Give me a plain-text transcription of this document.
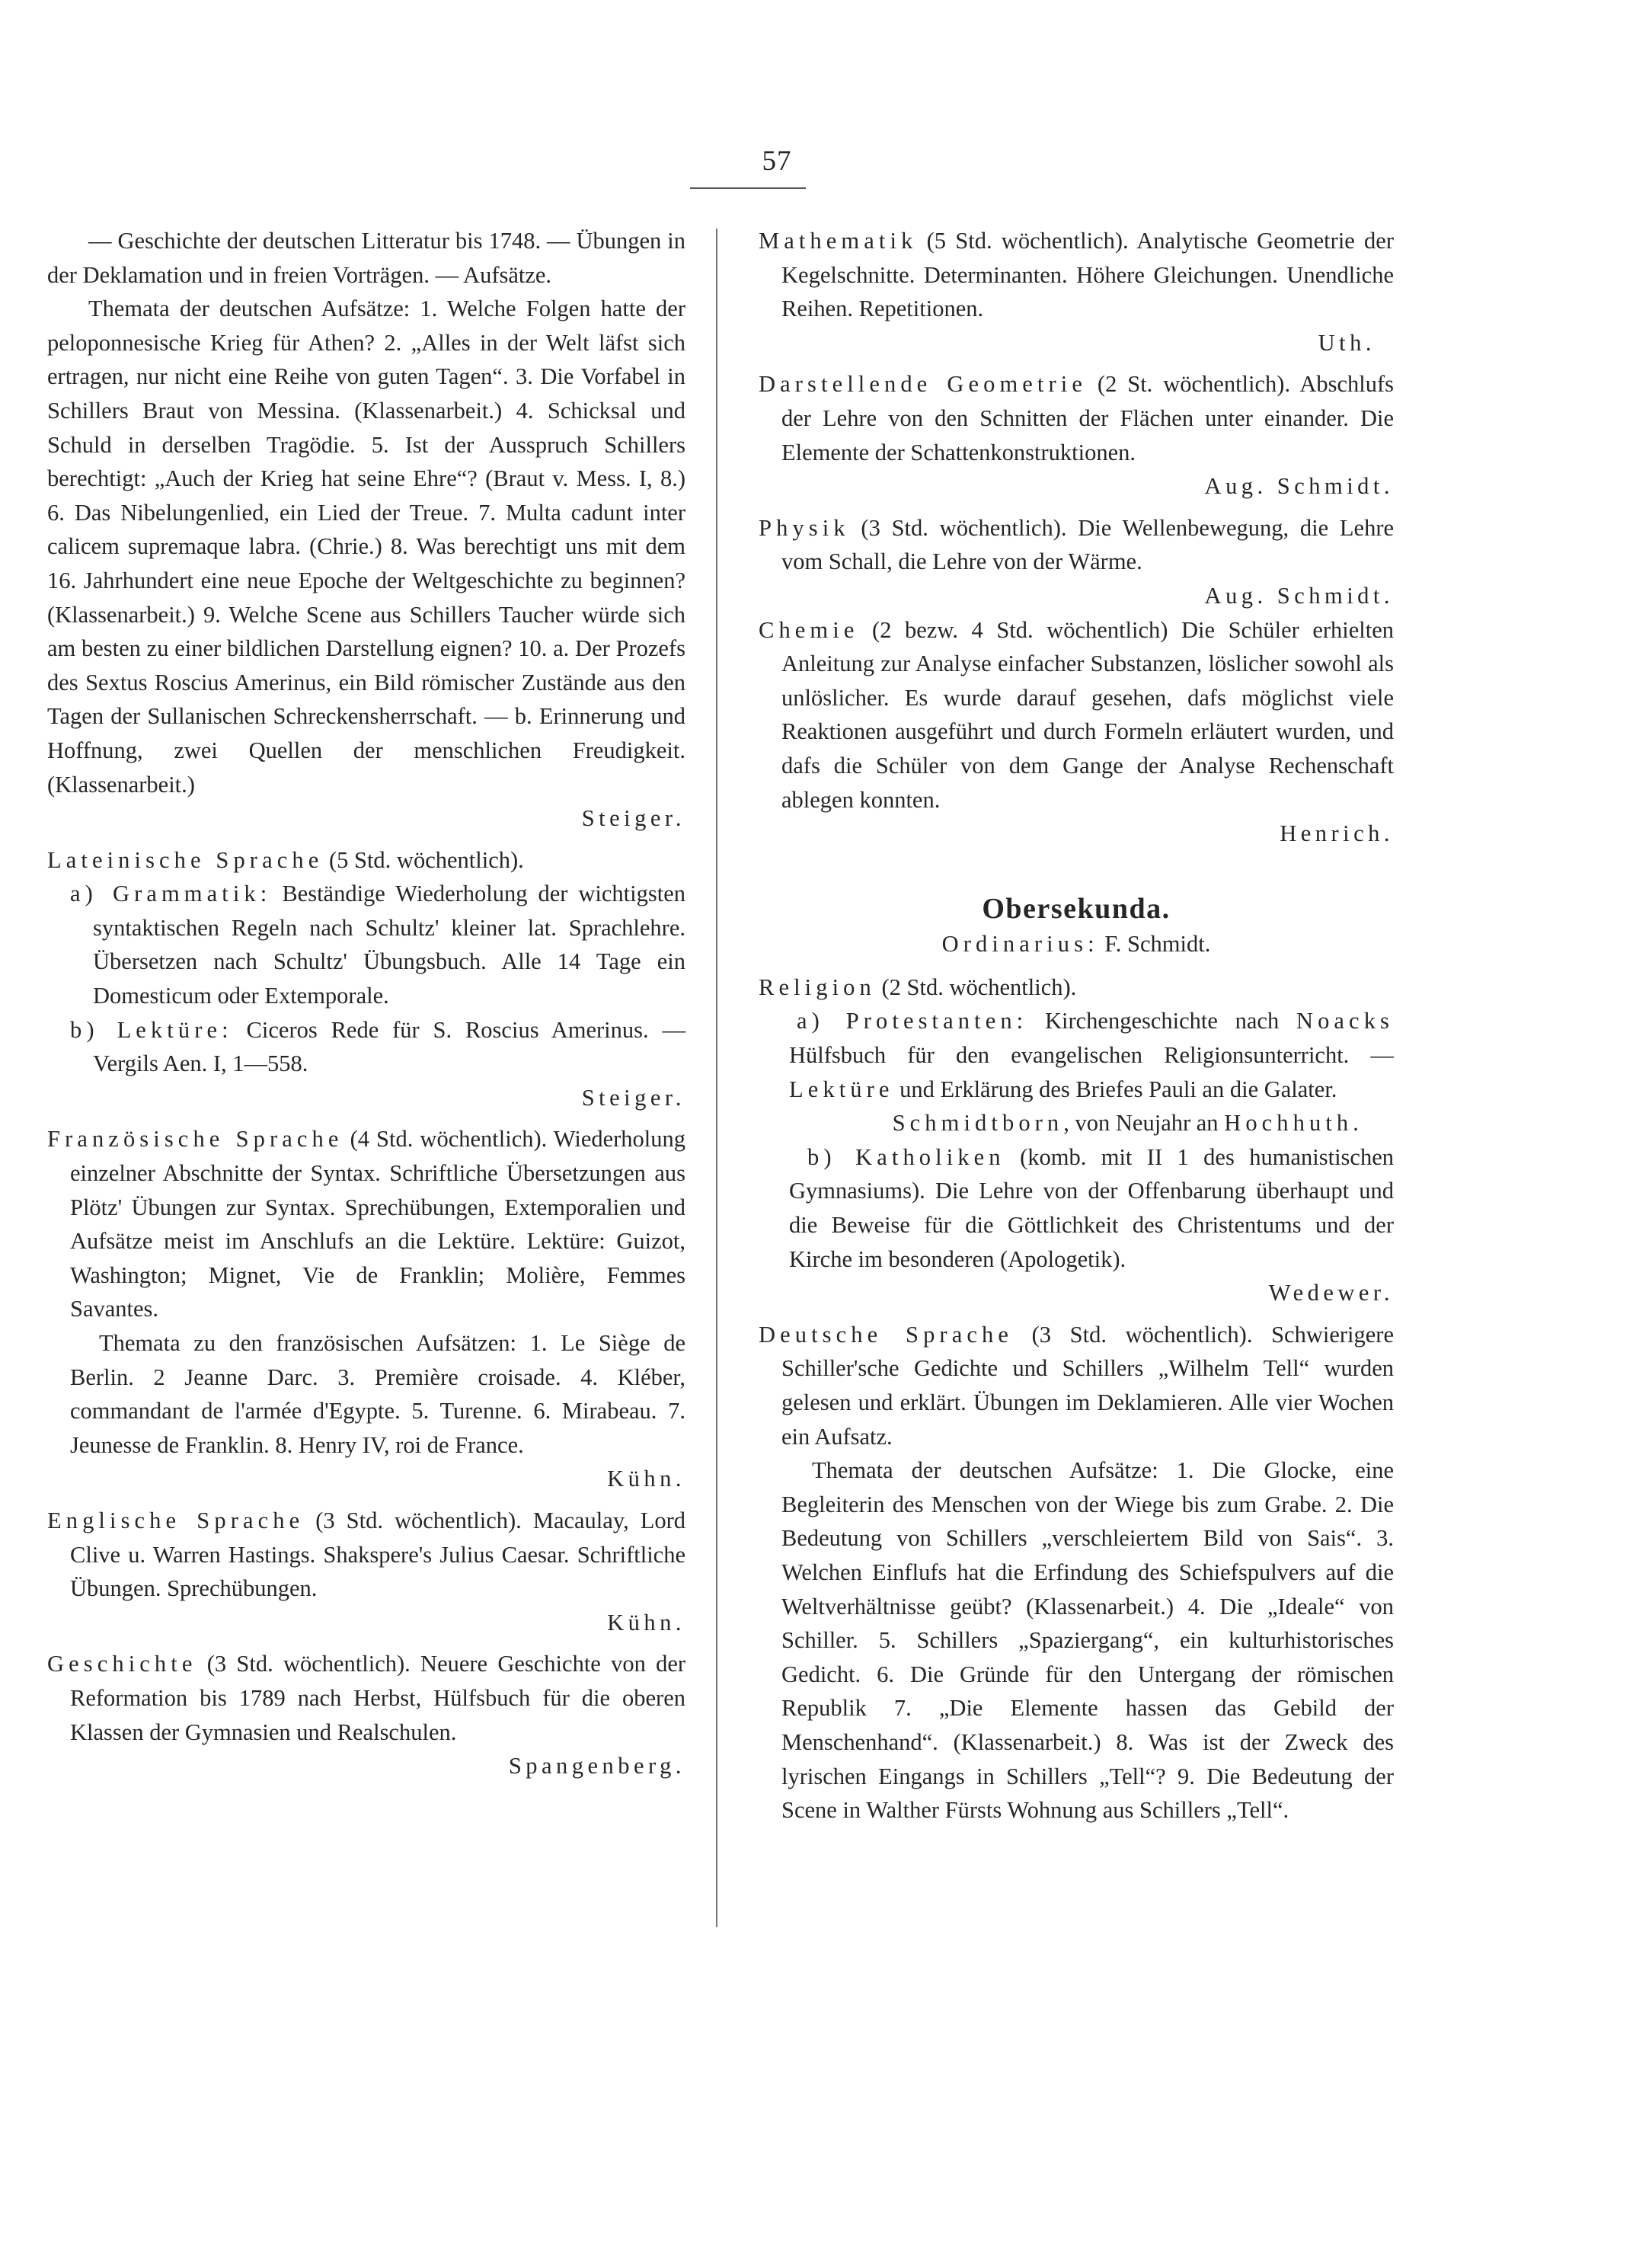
57

— Geschichte der deutschen Litteratur bis 1748. — Übungen in der Deklamation und in freien Vorträgen. — Aufsätze.

Themata der deutschen Aufsätze: 1. Welche Folgen hatte der peloponnesische Krieg für Athen? 2. „Alles in der Welt läfst sich ertragen, nur nicht eine Reihe von guten Tagen“. 3. Die Vorfabel in Schillers Braut von Messina. (Klassenarbeit.) 4. Schicksal und Schuld in derselben Tragödie. 5. Ist der Ausspruch Schillers berechtigt: „Auch der Krieg hat seine Ehre“? (Braut v. Mess. I, 8.) 6. Das Nibelungenlied, ein Lied der Treue. 7. Multa cadunt inter calicem supremaque labra. (Chrie.) 8. Was berechtigt uns mit dem 16. Jahrhundert eine neue Epoche der Weltgeschichte zu beginnen? (Klassenarbeit.) 9. Welche Scene aus Schillers Taucher würde sich am besten zu einer bildlichen Darstellung eignen? 10. a. Der Prozefs des Sextus Roscius Amerinus, ein Bild römischer Zustände aus den Tagen der Sullanischen Schreckensherrschaft. — b. Erinnerung und Hoffnung, zwei Quellen der menschlichen Freudigkeit. (Klassenarbeit.)
Steiger.

Lateinische Sprache (5 Std. wöchentlich).

a) Grammatik: Beständige Wiederholung der wichtigsten syntaktischen Regeln nach Schultz' kleiner lat. Sprachlehre. Übersetzen nach Schultz' Übungsbuch. Alle 14 Tage ein Domesticum oder Extemporale.

b) Lektüre: Ciceros Rede für S. Roscius Amerinus. — Vergils Aen. I, 1—558.
Steiger.

Französische Sprache (4 Std. wöchentlich). Wiederholung einzelner Abschnitte der Syntax. Schriftliche Übersetzungen aus Plötz' Übungen zur Syntax. Sprechübungen, Extemporalien und Aufsätze meist im Anschlufs an die Lektüre. Lektüre: Guizot, Washington; Mignet, Vie de Franklin; Molière, Femmes Savantes.

Themata zu den französischen Aufsätzen: 1. Le Siège de Berlin. 2 Jeanne Darc. 3. Première croisade. 4. Kléber, commandant de l'armée d'Egypte. 5. Turenne. 6. Mirabeau. 7. Jeunesse de Franklin. 8. Henry IV, roi de France.
Kühn.

Englische Sprache (3 Std. wöchentlich). Macaulay, Lord Clive u. Warren Hastings. Shakspere's Julius Caesar. Schriftliche Übungen. Sprechübungen.
Kühn.

Geschichte (3 Std. wöchentlich). Neuere Geschichte von der Reformation bis 1789 nach Herbst, Hülfsbuch für die oberen Klassen der Gymnasien und Realschulen.
Spangenberg.

Mathematik (5 Std. wöchentlich). Analytische Geometrie der Kegelschnitte. Determinanten. Höhere Gleichungen. Unendliche Reihen. Repetitionen.
Uth.

Darstellende Geometrie (2 St. wöchentlich). Abschlufs der Lehre von den Schnitten der Flächen unter einander. Die Elemente der Schattenkonstruktionen.
Aug. Schmidt.

Physik (3 Std. wöchentlich). Die Wellenbewegung, die Lehre vom Schall, die Lehre von der Wärme.
Aug. Schmidt.

Chemie (2 bezw. 4 Std. wöchentlich) Die Schüler erhielten Anleitung zur Analyse einfacher Substanzen, löslicher sowohl als unlöslicher. Es wurde darauf gesehen, dafs möglichst viele Reaktionen ausgeführt und durch Formeln erläutert wurden, und dafs die Schüler von dem Gange der Analyse Rechenschaft ablegen konnten.
Henrich.

Obersekunda.
Ordinarius: F. Schmidt.

Religion (2 Std. wöchentlich).

a) Protestanten: Kirchengeschichte nach Noacks Hülfsbuch für den evangelischen Religionsunterricht. — Lektüre und Erklärung des Briefes Pauli an die Galater.

Schmidtborn, von Neujahr an Hochhuth.

b) Katholiken (komb. mit II 1 des humanistischen Gymnasiums). Die Lehre von der Offenbarung überhaupt und die Beweise für die Göttlichkeit des Christentums und der Kirche im besonderen (Apologetik).
Wedewer.

Deutsche Sprache (3 Std. wöchentlich). Schwierigere Schiller'sche Gedichte und Schillers „Wilhelm Tell“ wurden gelesen und erklärt. Übungen im Deklamieren. Alle vier Wochen ein Aufsatz.

Themata der deutschen Aufsätze: 1. Die Glocke, eine Begleiterin des Menschen von der Wiege bis zum Grabe. 2. Die Bedeutung von Schillers „verschleiertem Bild von Sais“. 3. Welchen Einflufs hat die Erfindung des Schiefspulvers auf die Weltverhältnisse geübt? (Klassenarbeit.) 4. Die „Ideale“ von Schiller. 5. Schillers „Spaziergang“, ein kulturhistorisches Gedicht. 6. Die Gründe für den Untergang der römischen Republik 7. „Die Elemente hassen das Gebild der Menschenhand“. (Klassenarbeit.) 8. Was ist der Zweck des lyrischen Eingangs in Schillers „Tell“? 9. Die Bedeutung der Scene in Walther Fürsts Wohnung aus Schillers „Tell“.
